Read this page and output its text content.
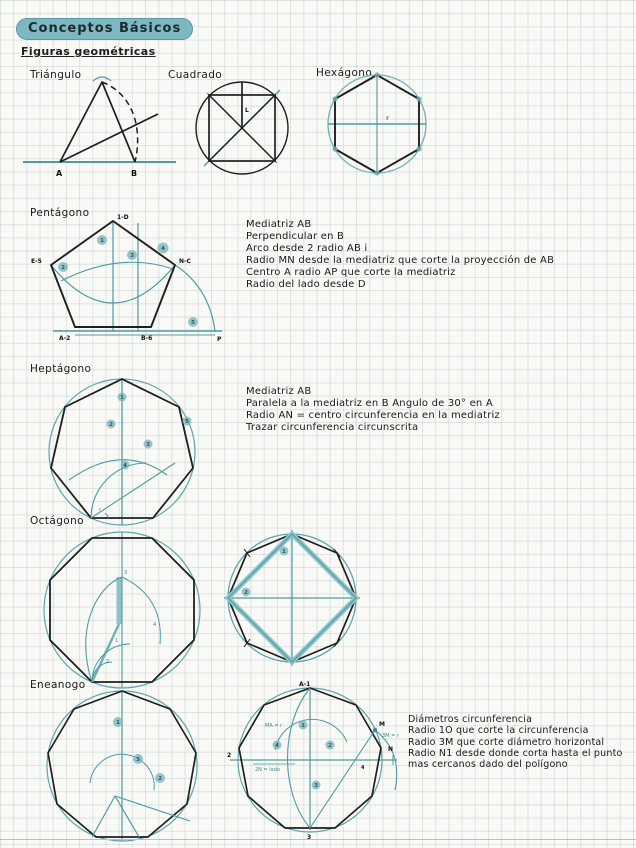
Conceptos Básicos
Figuras geométricas
Triángulo
A	B
Cuadrado
L
Hexágono
r
Pentágono
1
2
3
4
5
1-D
E-5	N-C
A-2	B-6	P
Mediatriz AB
Perpendicular en B
Arco desde 2 radio AB i
Radio MN desde la mediatriz que corte la proyección de AB
Centro A radio AP que corte la mediatriz
Radio del lado desde D
Heptágono
r
1
2
3
4
5
Mediatriz AB
Paralela a la mediatriz en B Angulo de 30° en A
Radio AN = centro circunferencia en la mediatriz
Trazar circunferencia circunscrita
Octágono
3
4
1
2
1
2
Eneanogo
1
3
2
A-1
2
3
M
N
4
MA = r
3M = r
2N = lado
1
2
3
4
Diámetros circunferencia
Radio 1O que corte la circunferencia
Radio 3M que corte diámetro horizontal
Radio N1 desde donde corta hasta el punto mas cercanos dado del polígono
